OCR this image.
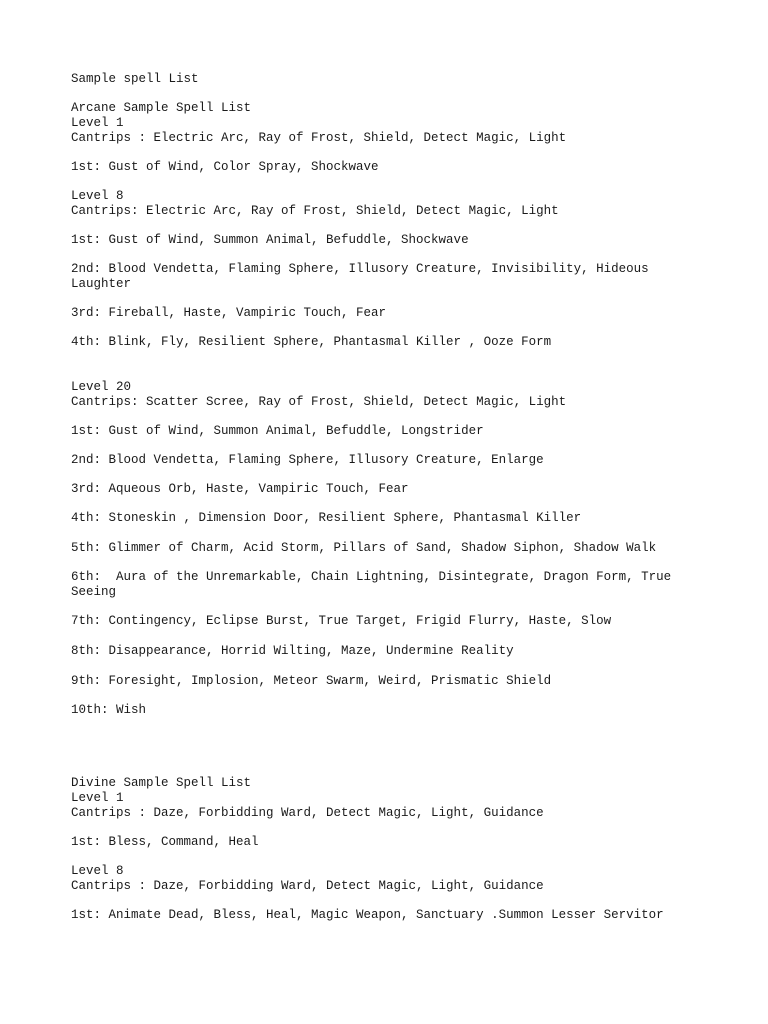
Sample spell List

Arcane Sample Spell List

Level 1

Cantrips : Electric Arc, Ray of Frost, Shield, Detect Magic, Light

1st: Gust of Wind, Color Spray, Shockwave

Level 8

Cantrips: Electric Arc, Ray of Frost, Shield, Detect Magic, Light

1st: Gust of Wind, Summon Animal, Befuddle, Shockwave

2nd: Blood Vendetta, Flaming Sphere, Illusory Creature, Invisibility, Hideous Laughter

3rd: Fireball, Haste, Vampiric Touch, Fear

4th: Blink, Fly, Resilient Sphere, Phantasmal Killer , Ooze Form

Level 20

Cantrips: Scatter Scree, Ray of Frost, Shield, Detect Magic, Light

1st: Gust of Wind, Summon Animal, Befuddle, Longstrider

2nd: Blood Vendetta, Flaming Sphere, Illusory Creature, Enlarge

3rd: Aqueous Orb, Haste, Vampiric Touch, Fear

4th: Stoneskin , Dimension Door, Resilient Sphere, Phantasmal Killer

5th: Glimmer of Charm, Acid Storm, Pillars of Sand, Shadow Siphon, Shadow Walk

6th:  Aura of the Unremarkable, Chain Lightning, Disintegrate, Dragon Form, True Seeing

7th: Contingency, Eclipse Burst, True Target, Frigid Flurry, Haste, Slow

8th: Disappearance, Horrid Wilting, Maze, Undermine Reality

9th: Foresight, Implosion, Meteor Swarm, Weird, Prismatic Shield

10th: Wish

Divine Sample Spell List

Level 1

Cantrips : Daze, Forbidding Ward, Detect Magic, Light, Guidance

1st: Bless, Command, Heal

Level 8

Cantrips : Daze, Forbidding Ward, Detect Magic, Light, Guidance

1st: Animate Dead, Bless, Heal, Magic Weapon, Sanctuary .Summon Lesser Servitor
